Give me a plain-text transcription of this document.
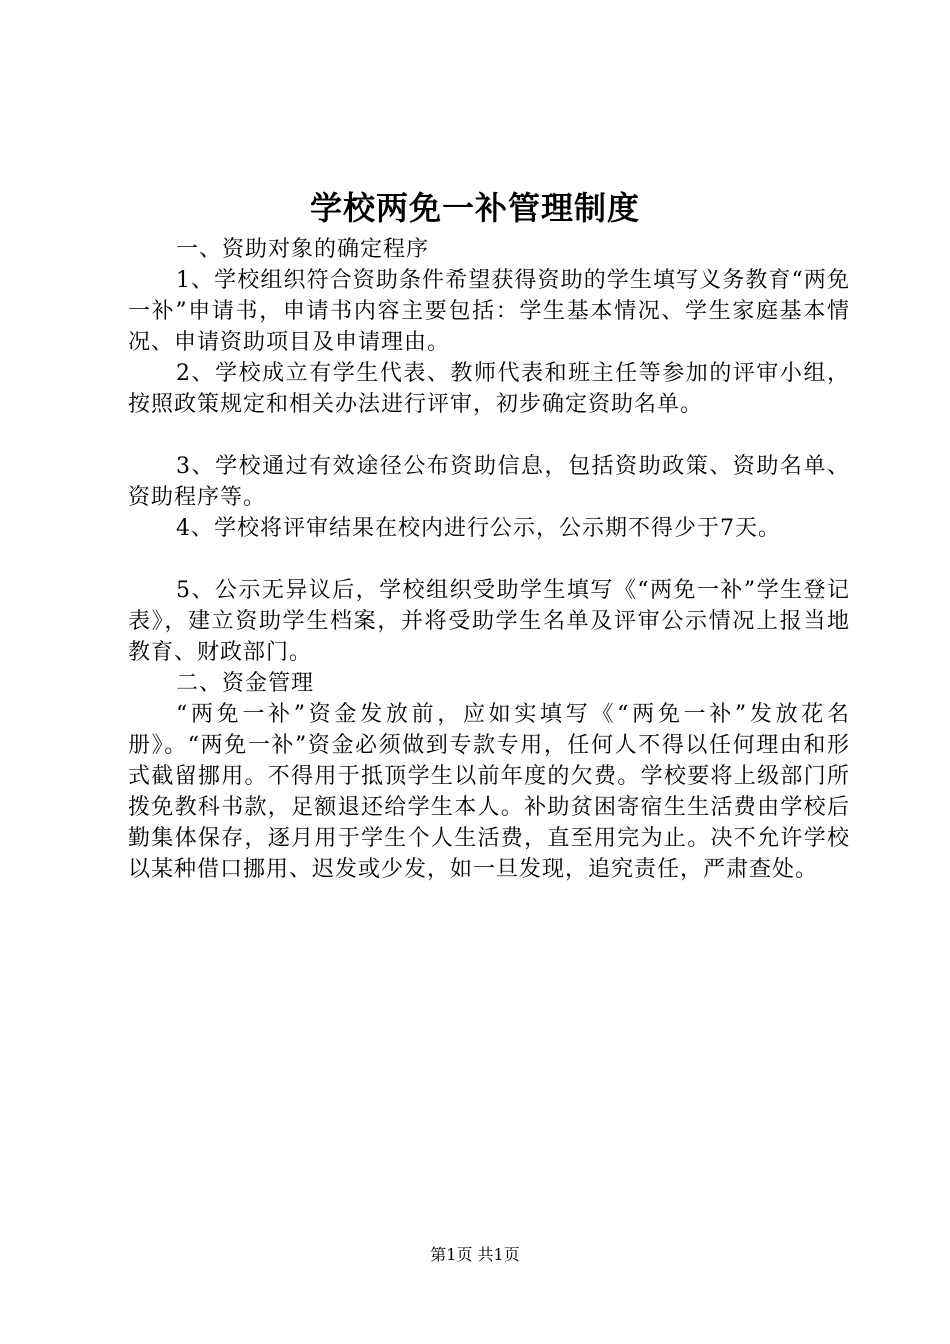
学校两免一补管理制度

一、资助对象的确定程序

1、学校组织符合资助条件希望获得资助的学生填写义务教育“两免一补”申请书，申请书内容主要包括：学生基本情况、学生家庭基本情况、申请资助项目及申请理由。

2、学校成立有学生代表、教师代表和班主任等参加的评审小组，按照政策规定和相关办法进行评审，初步确定资助名单。

3、学校通过有效途径公布资助信息，包括资助政策、资助名单、资助程序等。

4、学校将评审结果在校内进行公示，公示期不得少于7天。

5、公示无异议后，学校组织受助学生填写《“两免一补”学生登记表》，建立资助学生档案，并将受助学生名单及评审公示情况上报当地教育、财政部门。

二、资金管理

“两免一补”资金发放前，应如实填写《“两免一补”发放花名册》。“两免一补”资金必须做到专款专用，任何人不得以任何理由和形式截留挪用。不得用于抵顶学生以前年度的欠费。学校要将上级部门所拨免教科书款，足额退还给学生本人。补助贫困寄宿生生活费由学校后勤集体保存，逐月用于学生个人生活费，直至用完为止。决不允许学校以某种借口挪用、迟发或少发，如一旦发现，追究责任，严肃查处。

第1页 共1页
